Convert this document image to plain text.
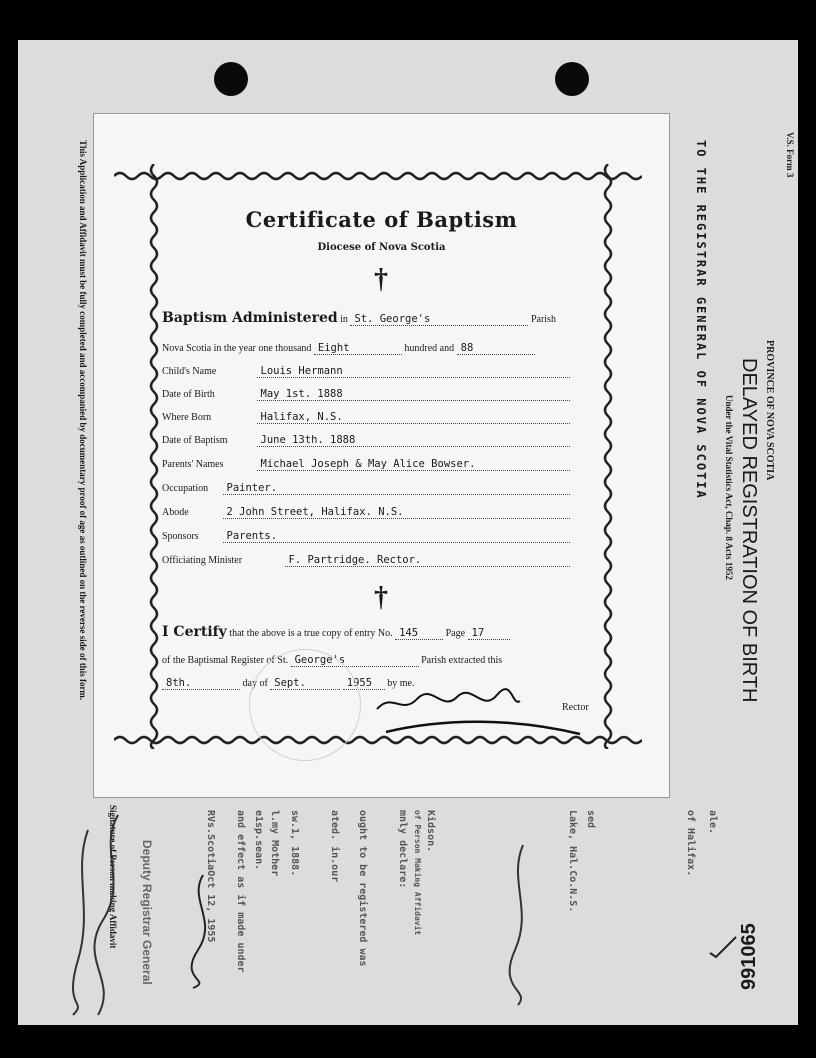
V.S. Form 3
PROVINCE OF NOVA SCOTIA
DELAYED REGISTRATION OF BIRTH
Under the Vital Statistics Act, Chap. 8 Acts 1952
TO THE REGISTRAR GENERAL OF NOVA SCOTIA
This Application and Affidavit must be fully completed and accompanied by documentary proof of age as outlined on the reverse side of this form.
Signature of Person making Affidavit	ale.
of Halifax.
sed
Lake, Hal.Co.N.S.
Kidson.
of Person Making Affidavit
mnly declare:
ought to be registered was
ated. in.our
sw.1, 1888.
l.my Mother
e1sp.sean.
and effect as if made under
RVs.ScotiaOct 12, 1955
Deputy Registrar General	991065
Certificate of Baptism
Diocese of Nova Scotia
†
Baptism Administered in St. George's	Parish
Nova Scotia in the year one thousand Eight	hundred and 88
Child's Name	Louis Hermann
Date of Birth	May 1st. 1888
Where Born	Halifax, N.S.
Date of Baptism	June 13th. 1888
Parents' Names	Michael Joseph & May Alice Bowser.
Occupation Painter.
Abode	2 John Street, Halifax. N.S.
Sponsors	Parents.
Officiating Minister	F. Partridge. Rector.
†
I Certify that the above is a true copy of entry No. 145	Page 17
of the Baptismal Register of St. George's	Parish extracted this
8th.	day of Sept.	1955 by me.
Rector
